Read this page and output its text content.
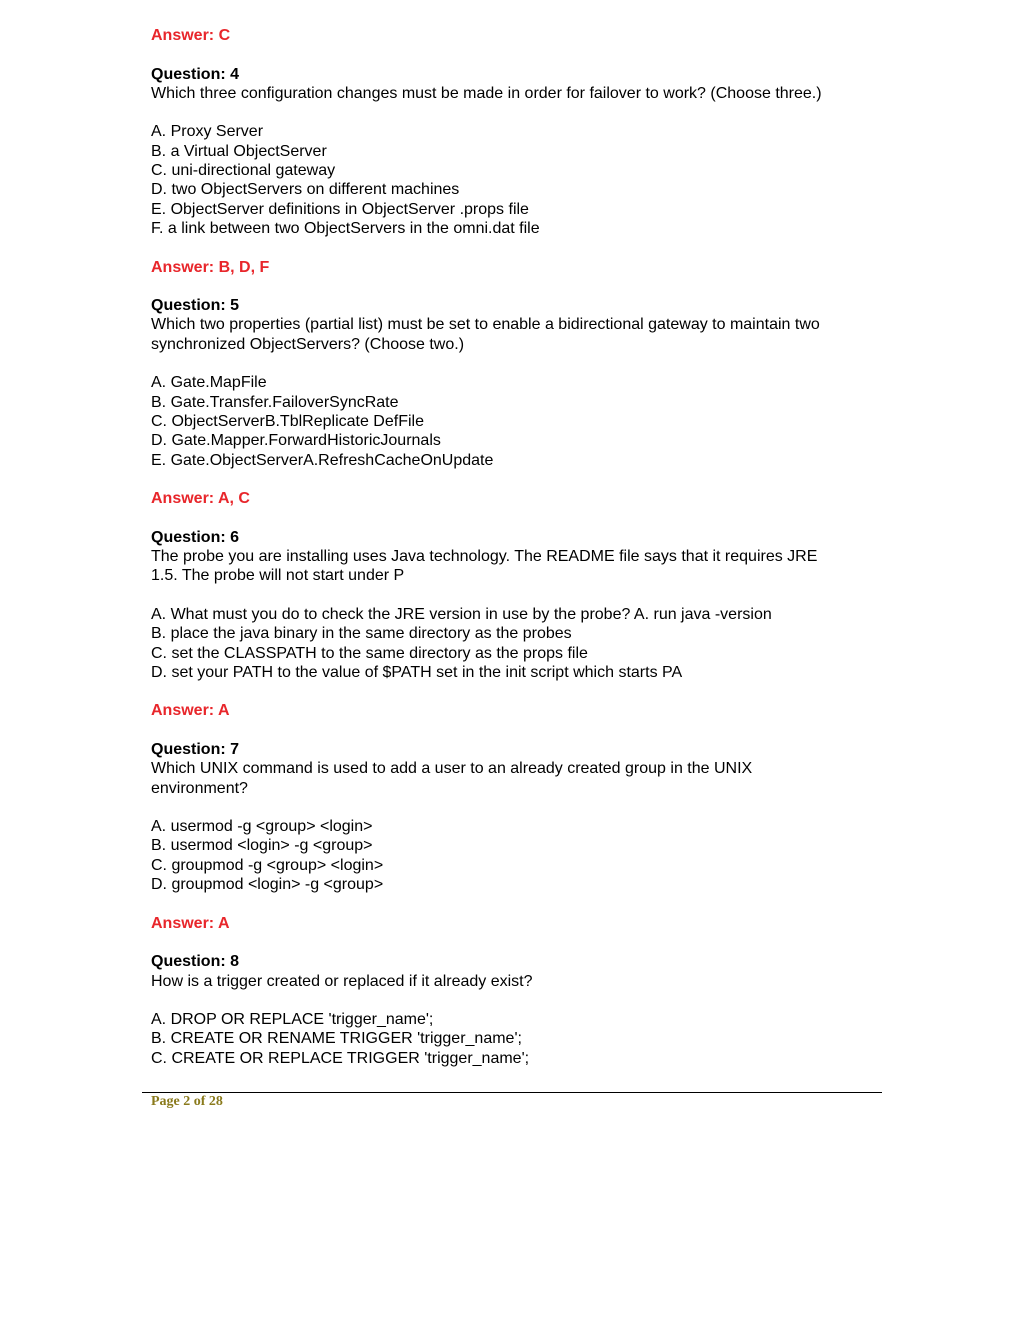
Answer: C
Question: 4
Which three configuration changes must be made in order for failover to work? (Choose three.)
A. Proxy Server
B. a Virtual ObjectServer
C. uni-directional gateway
D. two ObjectServers on different machines
E. ObjectServer definitions in ObjectServer .props file
F. a link between two ObjectServers in the omni.dat file
Answer: B, D, F
Question: 5
Which two properties (partial list) must be set to enable a bidirectional gateway to maintain two
synchronized ObjectServers? (Choose two.)
A. Gate.MapFile
B. Gate.Transfer.FailoverSyncRate
C. ObjectServerB.TblReplicate DefFile
D. Gate.Mapper.ForwardHistoricJournals
E. Gate.ObjectServerA.RefreshCacheOnUpdate
Answer: A, C
Question: 6
The probe you are installing uses Java technology. The README file says that it requires JRE
1.5. The probe will not start under P
A. What must you do to check the JRE version in use by the probe? A. run java -version
B. place the java binary in the same directory as the probes
C. set the CLASSPATH to the same directory as the props file
D. set your PATH to the value of $PATH set in the init script which starts PA
Answer: A
Question: 7
Which UNIX command is used to add a user to an already created group in the UNIX
environment?
A. usermod -g <group> <login>
B. usermod <login> -g <group>
C. groupmod -g <group> <login>
D. groupmod <login> -g <group>
Answer: A
Question: 8
How is a trigger created or replaced if it already exist?
A. DROP OR REPLACE 'trigger_name';
B. CREATE OR RENAME TRIGGER 'trigger_name';
C. CREATE OR REPLACE TRIGGER 'trigger_name';
Page 2 of 28
